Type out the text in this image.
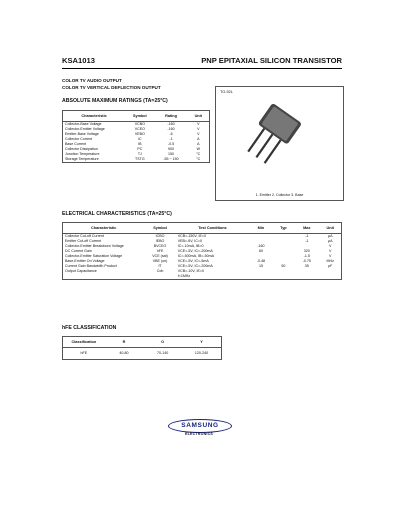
KSA1013	PNP EPITAXIAL SILICON TRANSISTOR
COLOR TV AUDIO OUTPUT
COLOR TV VERTICAL DEFLECTION OUTPUT
ABSOLUTE MAXIMUM RATINGS (TA=25°C)
Characteristic	Symbol	Rating	Unit
Collector-Base Voltage	VCBO	-160	V
Collector-Emitter Voltage	VCEO	-160	V
Emitter-Base Voltage	VEBO	-6	V
Collector Current	IC	-1	A
Base Current	IB	-0.5	A
Collector Dissipation	PC	900	W
Junction Temperature	TJ	150	°C
Storage Temperature	TSTG	-55 ~ 150	°C
TO-92L
1. Emitter 2. Collector 3. Base
ELECTRICAL CHARACTERISTICS (TA=25°C)
Characteristic	Symbol	Test Conditions	Min	Typ	Max	Unit
Collector Cut-off Current	ICBO	VCB=-150V, IE=0			-1	μA
Emitter Cut-off Current	IEBO	VEB=-6V, IC=0			-1	μA
Collector-Emitter Breakdown Voltage	BVCEO	IC=-10mA, IB=0	-160			V
DC Current Gain	hFE	VCE=-5V, IC=-200mA	60		320	V
Collector-Emitter Saturation Voltage	VCE (sat)	IC=-500mA, IB=-50mA			-1.5	V
Base-Emitter On Voltage	VBE (on)	VCE=-5V, IC=-5mA	-0.48		-0.75	MHz
Current Gain Bandwidth Product	fT	VCE=-5V, IC=-200mA	15	50	35	pF
Output Capacitance	Cob	VCB=-10V, IE=0				
		f=1MHz				
hFE CLASSIFICATION
Classification	R	O	Y
hFE	40-80	70-140	120-240
SAMSUNG
ELECTRONICS
